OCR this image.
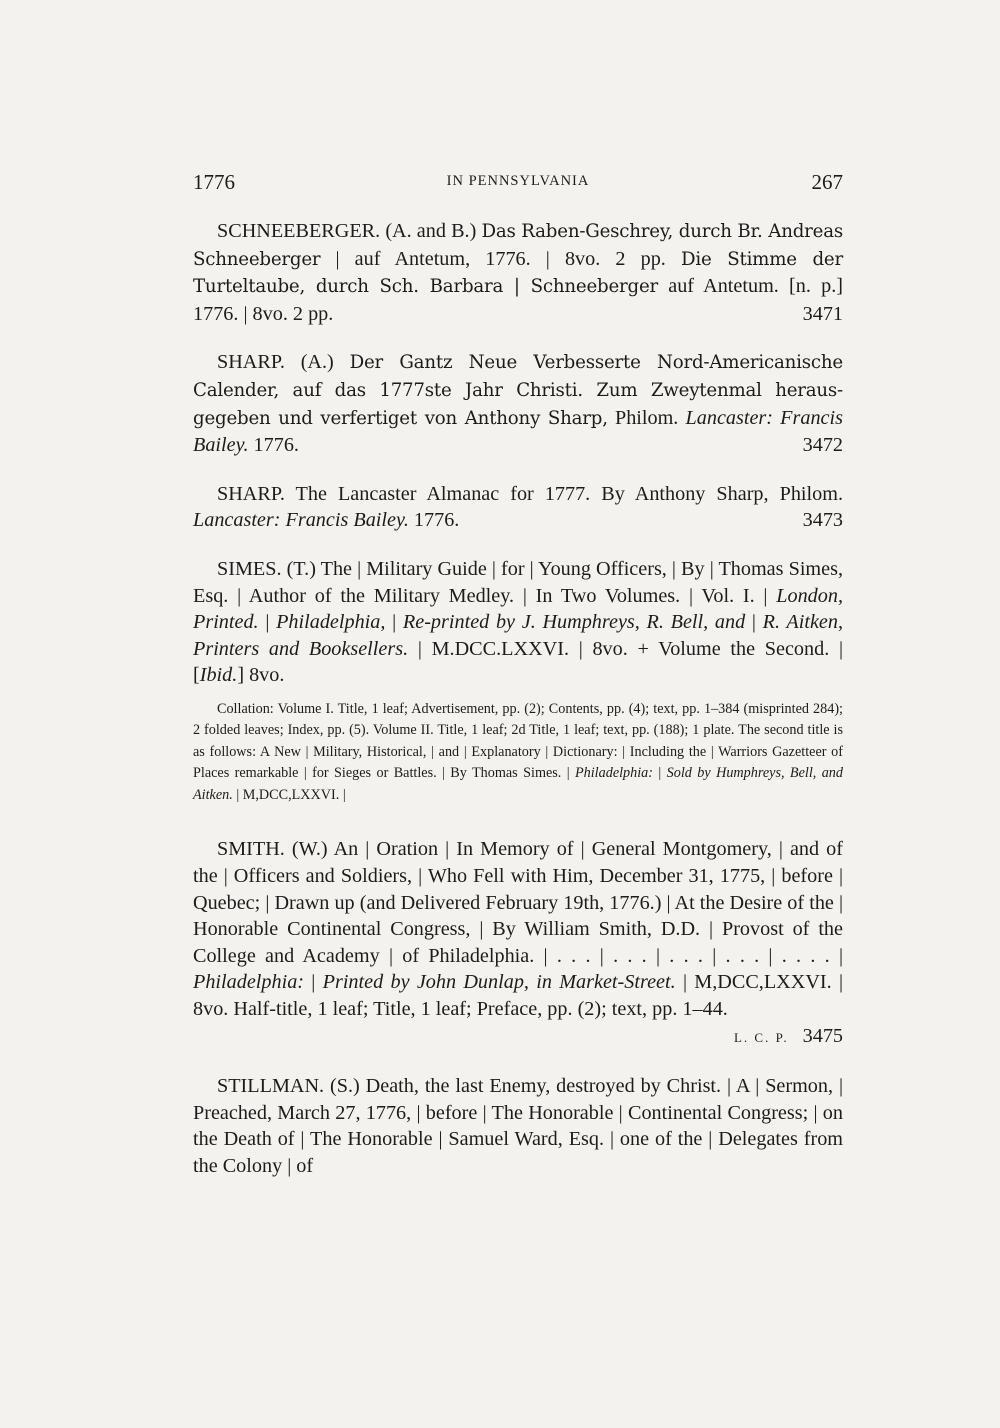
1776	IN PENNSYLVANIA	267

SCHNEEBERGER. (A. and B.) Das Raben-Geschrey, durch Br. Andreas Schneeberger | auf Antetum, 1776. | 8vo. 2 pp. Die Stimme der Turteltaube, durch Sch. Barbara | Schneeberger auf Antetum. [n. p.] 1776. | 8vo. 2 pp.	3471

SHARP. (A.) Der Gantz Neue Verbesserte Nord-Americanische Calender, auf das 1777ste Jahr Christi. Zum Zweytenmal heraus-gegeben und verfertiget von Anthony Sharp, Philom. Lancaster: Francis Bailey. 1776.	3472

SHARP. The Lancaster Almanac for 1777. By Anthony Sharp, Philom. Lancaster: Francis Bailey. 1776.	3473

SIMES. (T.) The | Military Guide | for | Young Officers, | By | Thomas Simes, Esq. | Author of the Military Medley. | In Two Volumes. | Vol. I. | London, Printed. | Philadelphia, | Re-printed by J. Humphreys, R. Bell, and | R. Aitken, Printers and Booksellers. | M.DCC.LXXVI. | 8vo. + Volume the Second. | [Ibid.] 8vo.

Collation: Volume I. Title, 1 leaf; Advertisement, pp. (2); Contents, pp. (4); text, pp. 1–384 (misprinted 284); 2 folded leaves; Index, pp. (5). Volume II. Title, 1 leaf; 2d Title, 1 leaf; text, pp. (188); 1 plate. The second title is as follows: A New | Military, Historical, | and | Explanatory | Dictionary: | Including the | Warriors Gazetteer of Places remarkable | for Sieges or Battles. | By Thomas Simes. | Philadelphia: | Sold by Humphreys, Bell, and Aitken. | M,DCC,LXXVI. |

SMITH. (W.) An | Oration | In Memory of | General Montgomery, | and of the | Officers and Soldiers, | Who Fell with Him, December 31, 1775, | before | Quebec; | Drawn up (and Delivered February 19th, 1776.) | At the Desire of the | Honorable Continental Congress, | By William Smith, D.D. | Provost of the College and Academy | of Philadelphia. | . . . | . . . | . . . | . . . | . . . . | Philadelphia: | Printed by John Dunlap, in Market-Street. | M,DCC,LXXVI. | 8vo. Half-title, 1 leaf; Title, 1 leaf; Preface, pp. (2); text, pp. 1–44.
L. C. P. 3475

STILLMAN. (S.) Death, the last Enemy, destroyed by Christ. | A | Sermon, | Preached, March 27, 1776, | before | The Honorable | Continental Congress; | on the Death of | The Honorable | Samuel Ward, Esq. | one of the | Delegates from the Colony | of
